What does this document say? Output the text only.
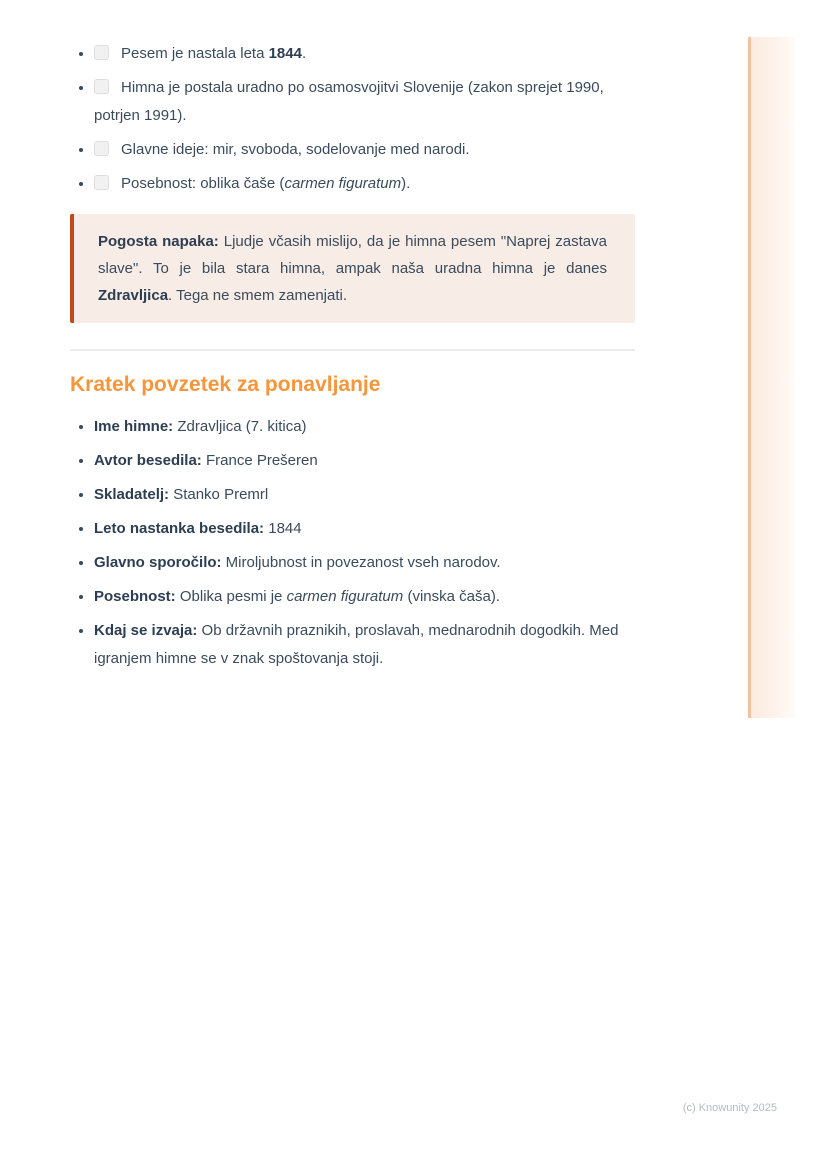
Pesem je nastala leta 1844.
Himna je postala uradno po osamosvojitvi Slovenije (zakon sprejet 1990, potrjen 1991).
Glavne ideje: mir, svoboda, sodelovanje med narodi.
Posebnost: oblika čaše (carmen figuratum).
Pogosta napaka: Ljudje včasih mislijo, da je himna pesem "Naprej zastava slave". To je bila stara himna, ampak naša uradna himna je danes Zdravljica. Tega ne smem zamenjati.
Kratek povzetek za ponavljanje
Ime himne: Zdravljica (7. kitica)
Avtor besedila: France Prešeren
Skladatelj: Stanko Premrl
Leto nastanka besedila: 1844
Glavno sporočilo: Miroljubnost in povezanost vseh narodov.
Posebnost: Oblika pesmi je carmen figuratum (vinska čaša).
Kdaj se izvaja: Ob državnih praznikih, proslavah, mednarodnih dogodkih. Med igranjem himne se v znak spoštovanja stoji.
(c) Knowunity 2025
